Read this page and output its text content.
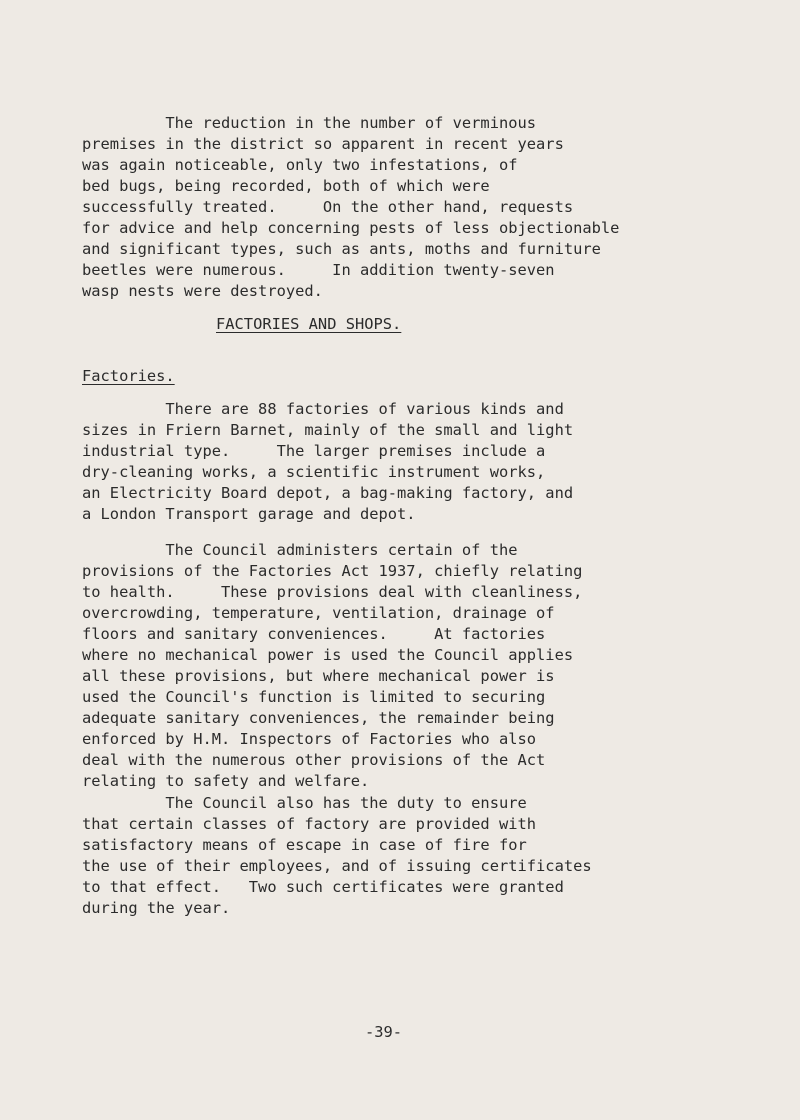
The reduction in the number of verminous
premises in the district so apparent in recent years
was again noticeable, only two infestations, of
bed bugs, being recorded, both of which were
successfully treated.     On the other hand, requests
for advice and help concerning pests of less objectionable
and significant types, such as ants, moths and furniture
beetles were numerous.     In addition twenty-seven
wasp nests were destroyed.
FACTORIES AND SHOPS.
Factories.
There are 88 factories of various kinds and
sizes in Friern Barnet, mainly of the small and light
industrial type.     The larger premises include a
dry-cleaning works, a scientific instrument works,
an Electricity Board depot, a bag-making factory, and
a London Transport garage and depot.
The Council administers certain of the
provisions of the Factories Act 1937, chiefly relating
to health.     These provisions deal with cleanliness,
overcrowding, temperature, ventilation, drainage of
floors and sanitary conveniences.     At factories
where no mechanical power is used the Council applies
all these provisions, but where mechanical power is
used the Council's function is limited to securing
adequate sanitary conveniences, the remainder being
enforced by H.M. Inspectors of Factories who also
deal with the numerous other provisions of the Act
relating to safety and welfare.
The Council also has the duty to ensure
that certain classes of factory are provided with
satisfactory means of escape in case of fire for
the use of their employees, and of issuing certificates
to that effect.   Two such certificates were granted
during the year.
-39-
